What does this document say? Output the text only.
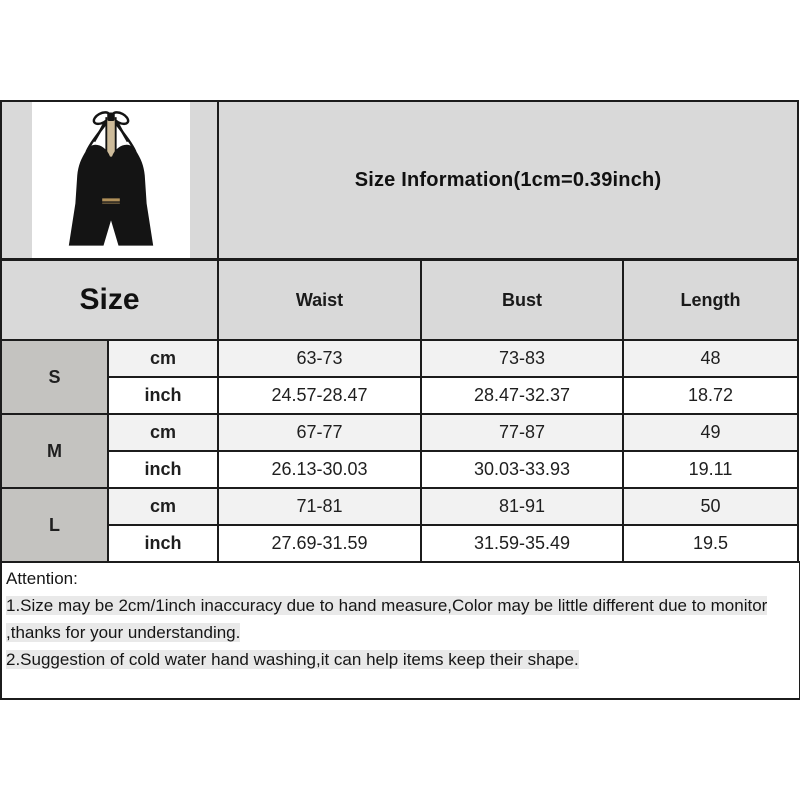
	Size Information(1cm=0.39inch)		
Size		Waist	Bust	Length
S	cm	63-73	73-83	48
	inch	24.57-28.47	28.47-32.37	18.72
M	cm	67-77	77-87	49
	inch	26.13-30.03	30.03-33.93	19.11
L	cm	71-81	81-91	50
	inch	27.69-31.59	31.59-35.49	19.5
Attention:
1.Size may be 2cm/1inch inaccuracy due to hand measure,Color may be little different due to monitor
,thanks for your understanding.
2.Suggestion of cold water hand washing,it can help items keep their shape.
